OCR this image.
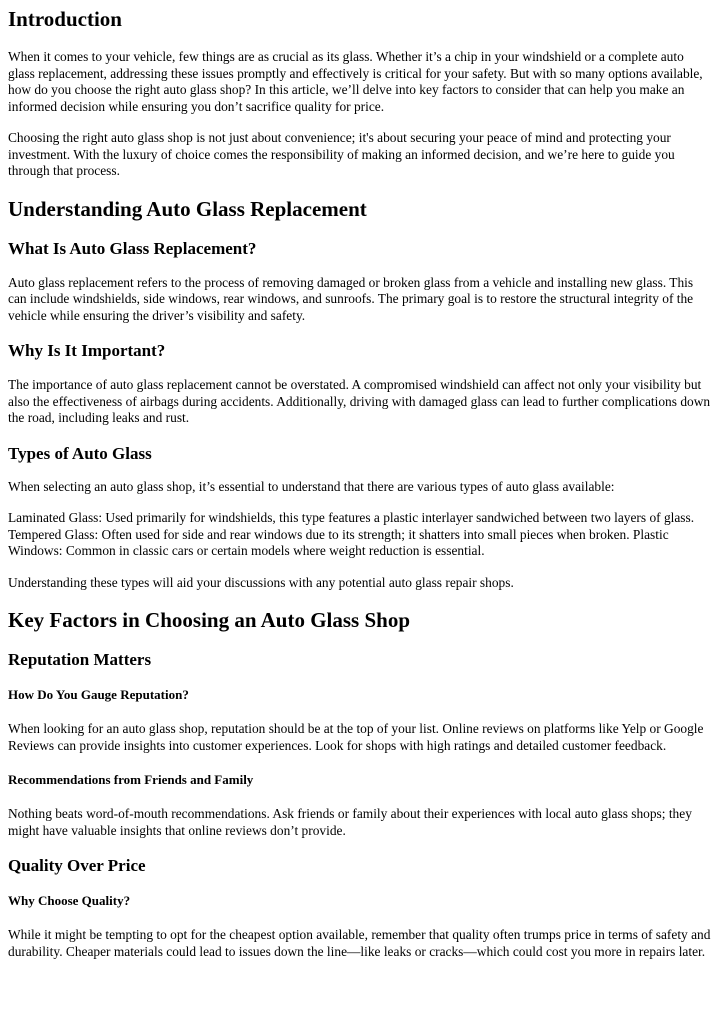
Introduction

When it comes to your vehicle, few things are as crucial as its glass. Whether it’s a chip in your windshield or a complete auto glass replacement, addressing these issues promptly and effectively is critical for your safety. But with so many options available, how do you choose the right auto glass shop? In this article, we’ll delve into key factors to consider that can help you make an informed decision while ensuring you don’t sacrifice quality for price.

Choosing the right auto glass shop is not just about convenience; it's about securing your peace of mind and protecting your investment. With the luxury of choice comes the responsibility of making an informed decision, and we’re here to guide you through that process.

Understanding Auto Glass Replacement
What Is Auto Glass Replacement?

Auto glass replacement refers to the process of removing damaged or broken glass from a vehicle and installing new glass. This can include windshields, side windows, rear windows, and sunroofs. The primary goal is to restore the structural integrity of the vehicle while ensuring the driver’s visibility and safety.

Why Is It Important?

The importance of auto glass replacement cannot be overstated. A compromised windshield can affect not only your visibility but also the effectiveness of airbags during accidents. Additionally, driving with damaged glass can lead to further complications down the road, including leaks and rust.

Types of Auto Glass

When selecting an auto glass shop, it’s essential to understand that there are various types of auto glass available:

Laminated Glass: Used primarily for windshields, this type features a plastic interlayer sandwiched between two layers of glass. Tempered Glass: Often used for side and rear windows due to its strength; it shatters into small pieces when broken. Plastic Windows: Common in classic cars or certain models where weight reduction is essential.

Understanding these types will aid your discussions with any potential auto glass repair shops.

Key Factors in Choosing an Auto Glass Shop
Reputation Matters
How Do You Gauge Reputation?

When looking for an auto glass shop, reputation should be at the top of your list. Online reviews on platforms like Yelp or Google Reviews can provide insights into customer experiences. Look for shops with high ratings and detailed customer feedback.

Recommendations from Friends and Family

Nothing beats word-of-mouth recommendations. Ask friends or family about their experiences with local auto glass shops; they might have valuable insights that online reviews don’t provide.

Quality Over Price
Why Choose Quality?

While it might be tempting to opt for the cheapest option available, remember that quality often trumps price in terms of safety and durability. Cheaper materials could lead to issues down the line—like leaks or cracks—which could cost you more in repairs later.
